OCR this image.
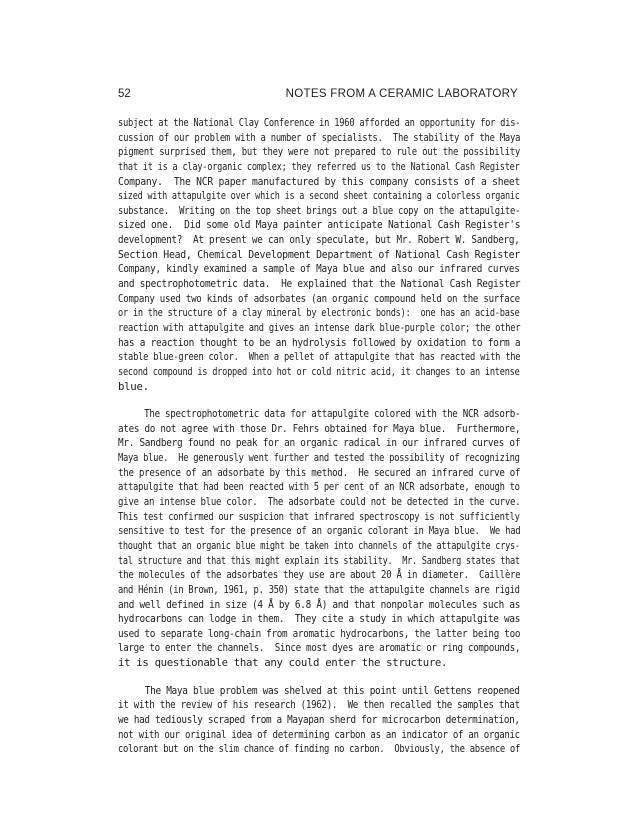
52	NOTES FROM A CERAMIC LABORATORY
subject at the National Clay Conference in 1960 afforded an opportunity for dis-
cussion of our problem with a number of specialists.  The stability of the Maya
pigment surprised them, but they were not prepared to rule out the possibility
that it is a clay-organic complex; they referred us to the National Cash Register
Company.  The NCR paper manufactured by this company consists of a sheet
sized with attapulgite over which is a second sheet containing a colorless organic
substance.  Writing on the top sheet brings out a blue copy on the attapulgite-
sized one.  Did some old Maya painter anticipate National Cash Register's
development?  At present we can only speculate, but Mr. Robert W. Sandberg,
Section Head, Chemical Development Department of National Cash Register
Company, kindly examined a sample of Maya blue and also our infrared curves
and spectrophotometric data.  He explained that the National Cash Register
Company used two kinds of adsorbates (an organic compound held on the surface
or in the structure of a clay mineral by electronic bonds):  one has an acid-base
reaction with attapulgite and gives an intense dark blue-purple color; the other
has a reaction thought to be an hydrolysis followed by oxidation to form a
stable blue-green color.  When a pellet of attapulgite that has reacted with the
second compound is dropped into hot or cold nitric acid, it changes to an intense
blue.
The spectrophotometric data for attapulgite colored with the NCR adsorb-
ates do not agree with those Dr. Fehrs obtained for Maya blue.  Furthermore,
Mr. Sandberg found no peak for an organic radical in our infrared curves of
Maya blue.  He generously went further and tested the possibility of recognizing
the presence of an adsorbate by this method.  He secured an infrared curve of
attapulgite that had been reacted with 5 per cent of an NCR adsorbate, enough to
give an intense blue color.  The adsorbate could not be detected in the curve.
This test confirmed our suspicion that infrared spectroscopy is not sufficiently
sensitive to test for the presence of an organic colorant in Maya blue.  We had
thought that an organic blue might be taken into channels of the attapulgite crys-
tal structure and that this might explain its stability.  Mr. Sandberg states that
the molecules of the adsorbates they use are about 20 Å in diameter.  Caillère
and Hénin (in Brown, 1961, p. 350) state that the attapulgite channels are rigid
and well defined in size (4 Å by 6.8 Å) and that nonpolar molecules such as
hydrocarbons can lodge in them.  They cite a study in which attapulgite was
used to separate long-chain from aromatic hydrocarbons, the latter being too
large to enter the channels.  Since most dyes are aromatic or ring compounds,
it is questionable that any could enter the structure.
The Maya blue problem was shelved at this point until Gettens reopened
it with the review of his research (1962).  We then recalled the samples that
we had tediously scraped from a Mayapan sherd for microcarbon determination,
not with our original idea of determining carbon as an indicator of an organic
colorant but on the slim chance of finding no carbon.  Obviously, the absence of
